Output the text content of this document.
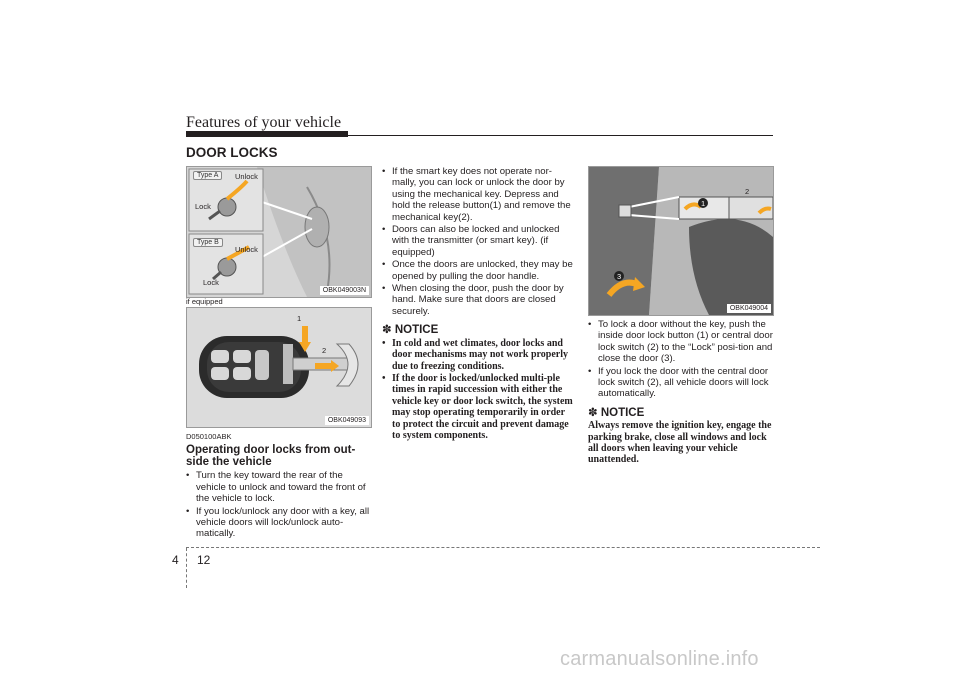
Features of your vehicle
DOOR LOCKS
Type A	Unlock
Lock
Type B
Unlock
Lock
OBK049003N
if equipped
1
2
OBK049093
D050100ABK
Operating door locks from out-side the vehicle
• Turn the key toward the rear of the vehicle to unlock and toward the front of the vehicle to lock.
• If you lock/unlock any door with a key, all vehicle doors will lock/unlock auto-matically.
• If the smart key does not operate nor-mally, you can lock or unlock the door by using the mechanical key. Depress and hold the release button(1) and remove the mechanical key(2).
• Doors can also be locked and unlocked with the transmitter (or smart key). (if equipped)
• Once the doors are unlocked, they may be opened by pulling the door handle.
• When closing the door, push the door by hand. Make sure that doors are closed securely.
✽ NOTICE
• In cold and wet climates, door locks and door mechanisms may not work properly due to freezing conditions.
• If the door is locked/unlocked multi-ple times in rapid succession with either the vehicle key or door lock switch, the system may stop operating temporarily in order to protect the circuit and prevent damage to system components.
1
2
3
OBK049004
• To lock a door without the key, push the inside door lock button (1) or central door lock switch (2) to the “Lock” posi-tion and close the door (3).
• If you lock the door with the central door lock switch (2), all vehicle doors will lock automatically.
✽ NOTICE
Always remove the ignition key, engage the parking brake, close all windows and lock all doors when leaving your vehicle unattended.
4 12
carmanualsonline.info
